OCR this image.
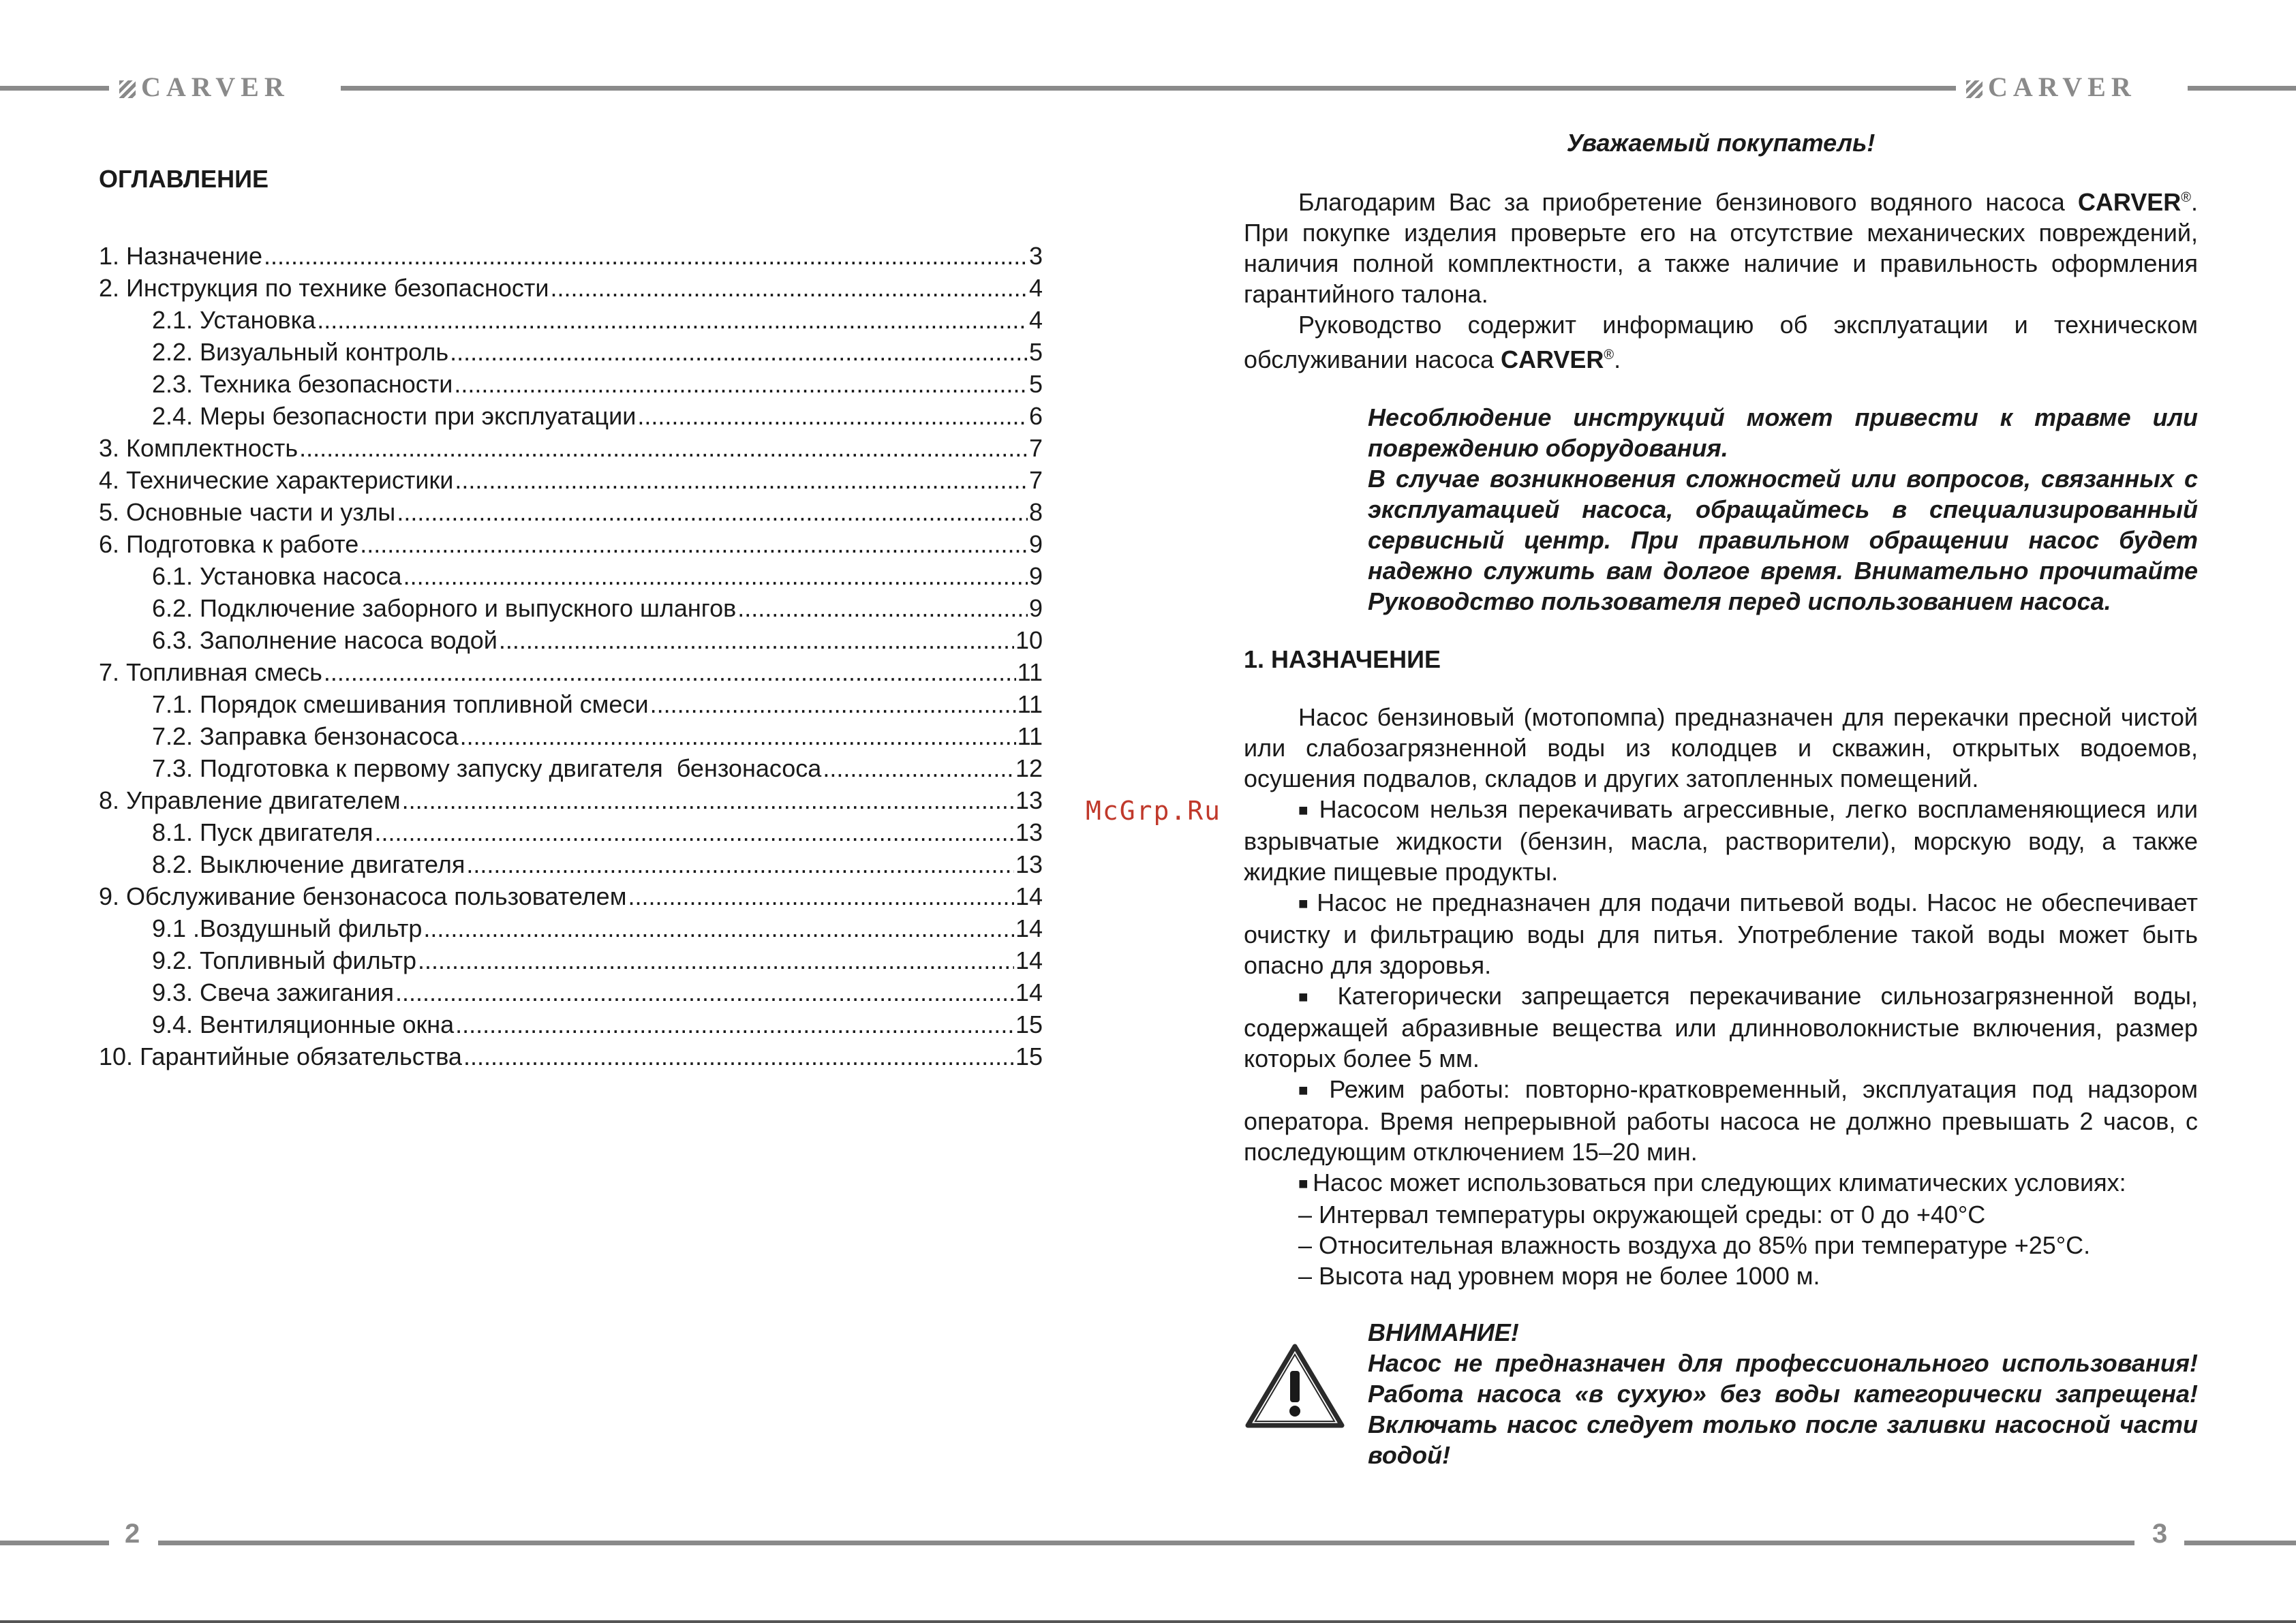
CARVER	CARVER
2	3
ОГЛАВЛЕНИЕ
1. Назначение .....	3
2. Инструкция по технике безопасности .....	4
2.1. Установка .....	4
2.2. Визуальный контроль .....	5
2.3. Техника безопасности .....	5
2.4. Меры безопасности при эксплуатации .....	6
3. Комплектность .....	7
4. Технические характеристики .....	7
5. Основные части и узлы .....	8
6. Подготовка к работе .....	9
6.1. Установка насоса .....	9
6.2. Подключение заборного и выпускного шлангов .....	9
6.3. Заполнение насоса водой .....	10
7. Топливная смесь .....	11
7.1. Порядок смешивания топливной смеси .....	11
7.2. Заправка бензонасоса .....	11
7.3. Подготовка к первому запуску двигателя  бензонасоса .....	12
8. Управление двигателем .....	13
8.1. Пуск двигателя .....	13
8.2. Выключение двигателя .....	13
9. Обслуживание бензонасоса пользователем .....	14
9.1 .Воздушный фильтр .....	14
9.2. Топливный фильтр .....	14
9.3. Свеча зажигания .....	14
9.4. Вентиляционные окна .....	15
10. Гарантийные обязательства .....	15
McGrp.Ru

Уважаемый покупатель!

Благодарим Вас за приобретение бензинового водяного насоса CARVER®. При покупке изделия проверьте его на отсутствие механических повреждений, наличия полной комплектности, а также наличие и правильность оформления гарантийного талона.

Руководство содержит информацию об эксплуатации и техническом обслуживании насоса CARVER®.

Несоблюдение инструкций может привести к травме или повреждению оборудования.

В случае возникновения сложностей или вопросов, связанных с эксплуатацией насоса, обращайтесь в специализированный сервисный центр. При правильном обращении насос будет надежно служить вам долгое время. Внимательно прочитайте Руководство пользователя перед использованием насоса.

1. НАЗНАЧЕНИЕ

Насос бензиновый (мотопомпа) предназначен для перекачки пресной чистой или слабозагрязненной воды из колодцев и скважин, открытых водоемов, осушения подвалов, складов и других затопленных помещений.

■ Насосом нельзя перекачивать агрессивные, легко воспламеняющиеся или взрывчатые жидкости (бензин, масла, растворители), морскую воду, а также жидкие пищевые продукты.

■ Насос не предназначен для подачи питьевой воды. Насос не обеспечивает очистку и фильтрацию воды для питья. Употребление такой воды может быть опасно для здоровья.

■ Категорически запрещается перекачивание сильнозагрязненной воды, содержащей абразивные вещества или длинноволокнистые включения, размер которых более 5 мм.

■ Режим работы: повторно-кратковременный, эксплуатация под надзором оператора. Время непрерывной работы насоса не должно превышать 2 часов, с последующим отключением 15–20 мин.

■ Насос может использоваться при следующих климатических условиях:

– Интервал температуры окружающей среды: от 0 до +40°C

– Относительная влажность воздуха до 85% при температуре +25°C.

– Высота над уровнем моря не более 1000 м.

ВНИМАНИЕ!

Насос не предназначен для профессионального использования! Работа насоса «в сухую» без воды категорически запрещена! Включать насос следует только после заливки насосной части водой!
